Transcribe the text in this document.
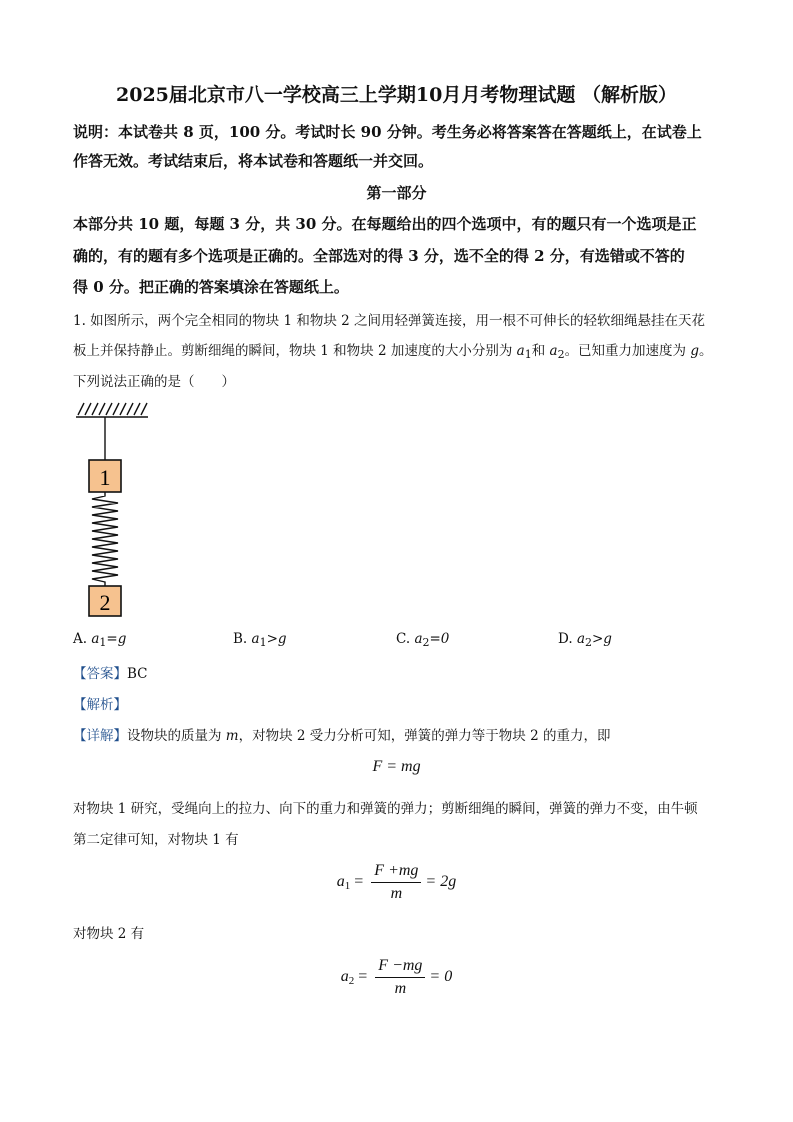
2025届北京市八一学校高三上学期10月月考物理试题 （解析版）
说明：本试卷共 8 页，100 分。考试时长 90 分钟。考生务必将答案答在答题纸上，在试卷上
作答无效。考试结束后，将本试卷和答题纸一并交回。
第一部分
本部分共 10 题，每题 3 分，共 30 分。在每题给出的四个选项中，有的题只有一个选项是正
确的，有的题有多个选项是正确的。全部选对的得 3 分，选不全的得 2 分，有选错或不答的
得 0 分。把正确的答案填涂在答题纸上。
1. 如图所示，两个完全相同的物块 1 和物块 2 之间用轻弹簧连接，用一根不可伸长的轻软细绳悬挂在天花
板上并保持静止。剪断细绳的瞬间，物块 1 和物块 2 加速度的大小分别为 $a_1$和 $a_2$。已知重力加速度为 g。
下列说法正确的是（　　）
1
2
A. $a_1=g$	B. $a_1>g$	C. $a_2=0$	D. $a_2>g$
【答案】BC
【解析】
【详解】设物块的质量为 m，对物块 2 受力分析可知，弹簧的弹力等于物块 2 的重力，即
F = mg
对物块 1 研究，受绳向上的拉力、向下的重力和弹簧的弹力；剪断细绳的瞬间，弹簧的弹力不变，由牛顿
第二定律可知，对物块 1 有
$a_1 = \frac{F +mg}{m} = 2g$
对物块 2 有
$a_2 = \frac{F -mg}{m} = 0$
